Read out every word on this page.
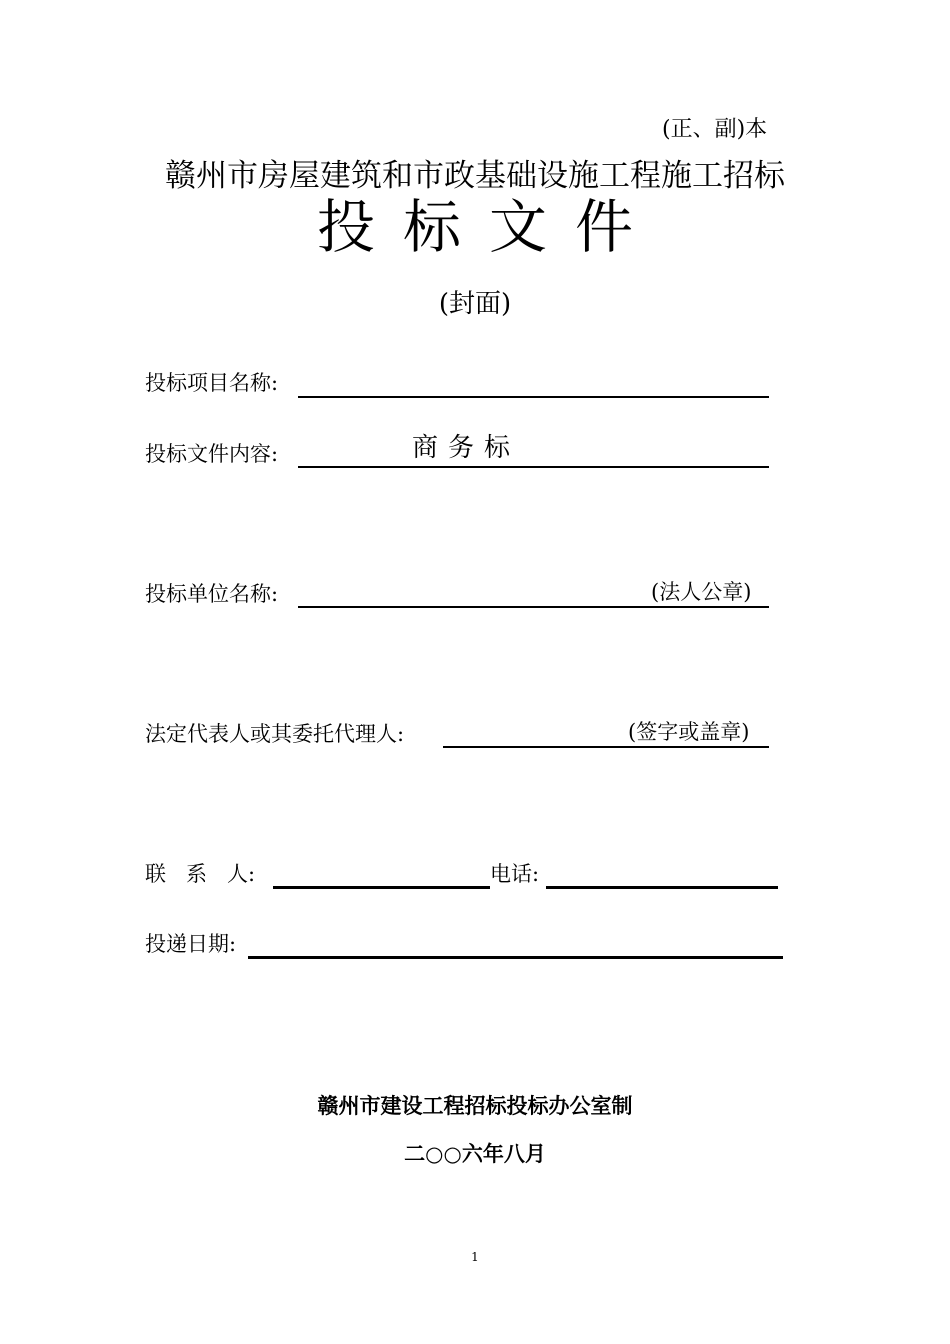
(正、副)本
赣州市房屋建筑和市政基础设施工程施工招标
投标文件
(封面)
投标项目名称:
投标文件内容:	商务标
投标单位名称:	(法人公章)
法定代表人或其委托代理人:	(签字或盖章)
联   系   人:	电话:
投递日期:
赣州市建设工程招标投标办公室制
二○○六年八月
1
